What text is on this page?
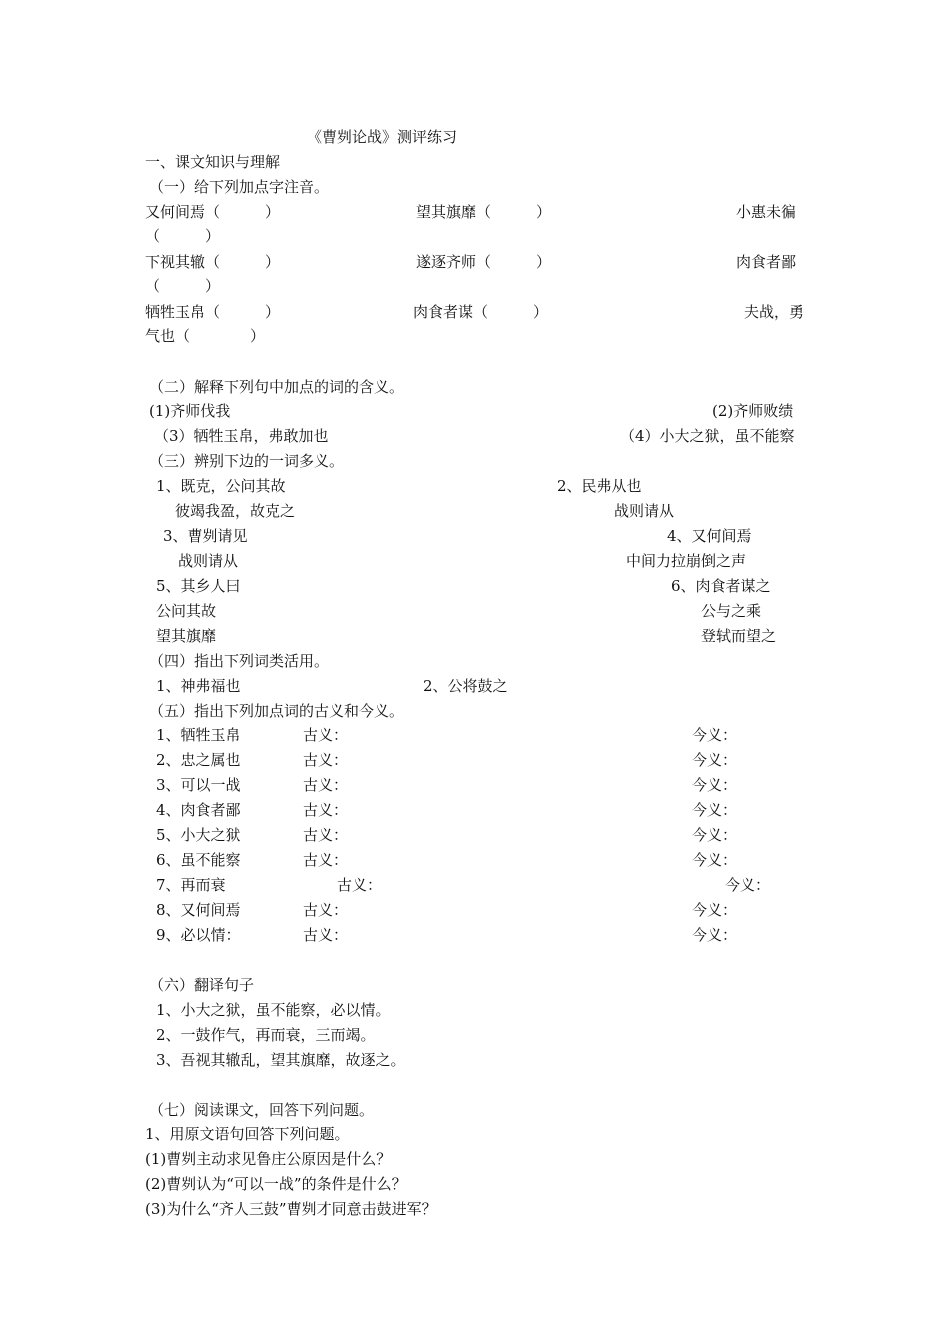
《曹刿论战》测评练习
一、课文知识与理解
（一）给下列加点字注音。
又何间焉（　　　）	望其旗靡（　　　）	小惠未徧
（　　　）
下视其辙（　　　）	遂逐齐师（　　　）	肉食者鄙
（　　　）
牺牲玉帛（　　　）	肉食者谋（　　　）	夫战，勇
气也（　　　　）
（二）解释下列句中加点的词的含义。
(1)齐师伐我	(2)齐师败绩
（3）牺牲玉帛，弗敢加也	（4）小大之狱，虽不能察
（三）辨别下边的一词多义。
1、既克，公问其故	2、民弗从也
彼竭我盈，故克之	战则请从
3、曹刿请见	4、又何间焉
战则请从	中间力拉崩倒之声
5、其乡人曰	6、肉食者谋之
公问其故	公与之乘
望其旗靡	登轼而望之
（四）指出下列词类活用。
1、神弗福也	2、公将鼓之
（五）指出下列加点词的古义和今义。
1、牺牲玉帛	古义：	今义：
2、忠之属也	古义：	今义：
3、可以一战	古义：	今义：
4、肉食者鄙	古义：	今义：
5、小大之狱	古义：	今义：
6、虽不能察	古义：	今义：
7、再而衰	古义：	今义：
8、又何间焉	古义：	今义：
9、必以情：	古义：	今义：
（六）翻译句子
1、小大之狱，虽不能察，必以情。
2、一鼓作气，再而衰，三而竭。
3、吾视其辙乱，望其旗靡，故逐之。
（七）阅读课文，回答下列问题。
1、用原文语句回答下列问题。
(1)曹刿主动求见鲁庄公原因是什么？
(2)曹刿认为“可以一战”的条件是什么？
(3)为什么“齐人三鼓”曹刿才同意击鼓进军？
